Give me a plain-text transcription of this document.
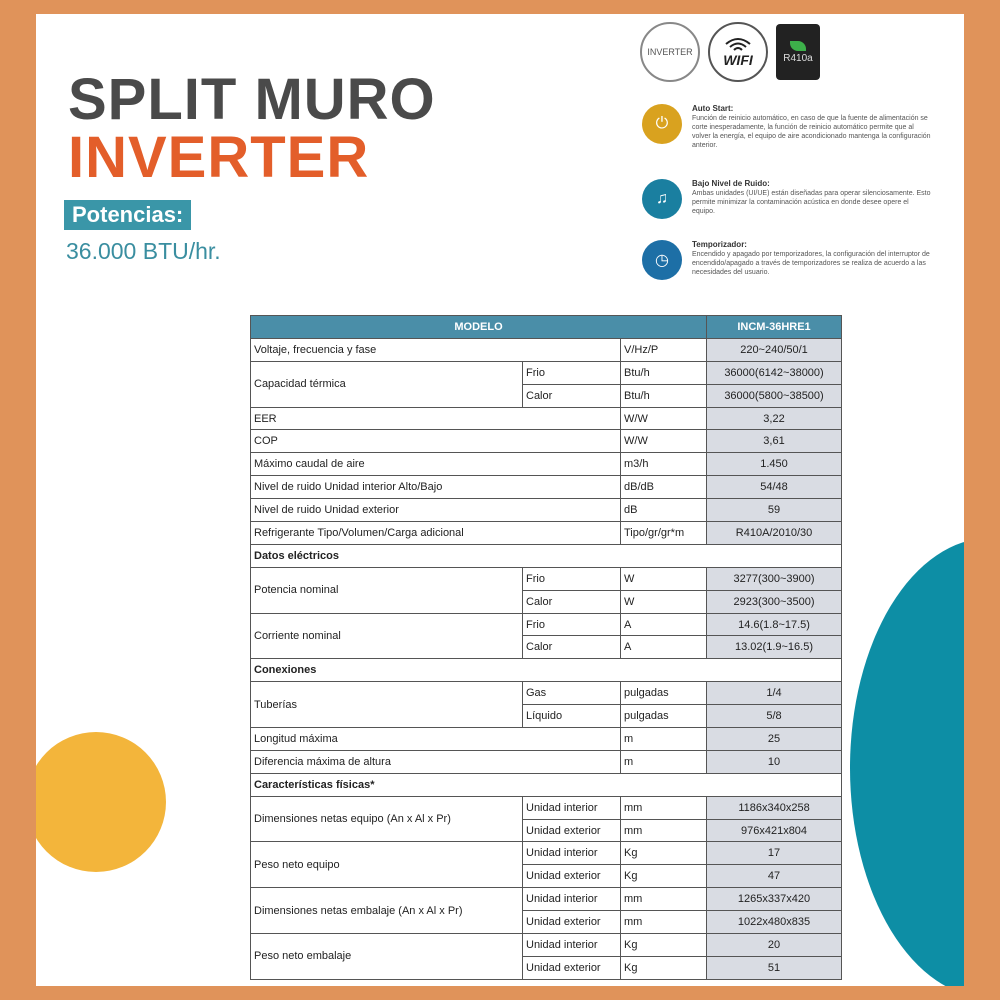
SPLIT MURO
INVERTER
Potencias:
36.000 BTU/hr.
INVERTER WIFI	R410a
⏻
Auto Start:
Función de reinicio automático, en caso de que la fuente de alimentación se corte inesperadamente, la función de reinicio automático permite que al volver la energía, el equipo de aire acondicionado mantenga la configuración anterior.
♫
Bajo Nivel de Ruido:
Ambas unidades (UI/UE) están diseñadas para operar silenciosamente. Esto permite minimizar la contaminación acústica en donde desee opere el equipo.
◷
Temporizador:
Encendido y apagado por temporizadores, la configuración del interruptor de encendido/apagado a través de temporizadores se realiza de acuerdo a las necesidades del usuario.
MODELO			INCM-36HRE1
Voltaje, frecuencia y fase		V/Hz/P	220~240/50/1
Capacidad térmica	Frio	Btu/h	36000(6142~38000)
	Calor	Btu/h	36000(5800~38500)
EER		W/W	3,22
COP		W/W	3,61
Máximo caudal de aire		m3/h	1.450
Nivel de ruido Unidad interior Alto/Bajo		dB/dB	54/48
Nivel de ruido Unidad exterior		dB	59
Refrigerante Tipo/Volumen/Carga adicional		Tipo/gr/gr*m	R410A/2010/30
Datos eléctricos			
Potencia nominal	Frio	W	3277(300~3900)
	Calor	W	2923(300~3500)
Corriente nominal	Frio	A	14.6(1.8~17.5)
	Calor	A	13.02(1.9~16.5)
Conexiones			
Tuberías	Gas	pulgadas	1/4
	Líquido	pulgadas	5/8
Longitud máxima		m	25
Diferencia máxima de altura		m	10
Características físicas*			
Dimensiones netas equipo (An x Al x Pr)	Unidad interior	mm	1186x340x258
	Unidad exterior	mm	976x421x804
Peso neto equipo	Unidad interior	Kg	17
	Unidad exterior	Kg	47
Dimensiones netas embalaje (An x Al x Pr)	Unidad interior	mm	1265x337x420
	Unidad exterior	mm	1022x480x835
Peso neto embalaje	Unidad interior	Kg	20
	Unidad exterior	Kg	51
